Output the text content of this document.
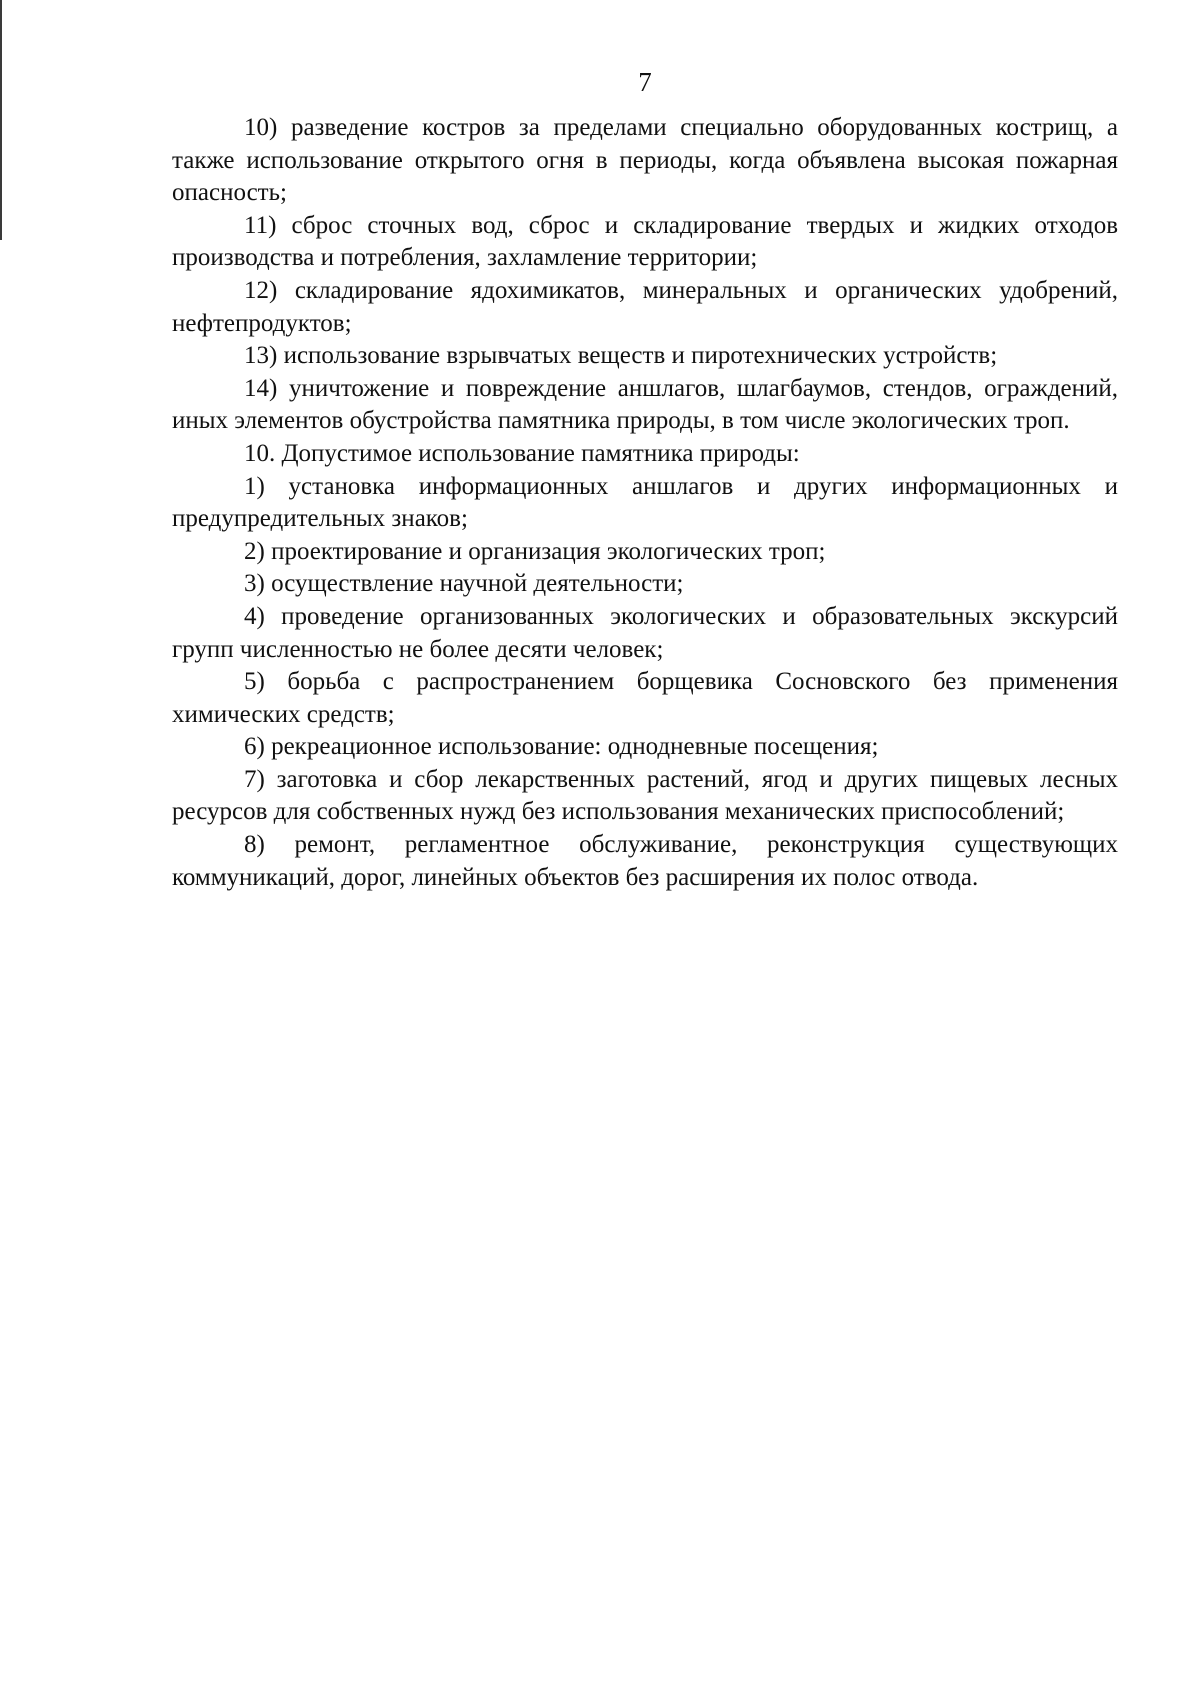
7

10) разведение костров за пределами специально оборудованных кострищ, а также использование открытого огня в периоды, когда объявлена высокая пожарная опасность;

11) сброс сточных вод, сброс и складирование твердых и жидких отходов производства и потребления, захламление территории;

12) складирование ядохимикатов, минеральных и органических удобрений, нефтепродуктов;

13) использование взрывчатых веществ и пиротехнических устройств;

14) уничтожение и повреждение аншлагов, шлагбаумов, стендов, ограждений, иных элементов обустройства памятника природы, в том числе экологических троп.

10. Допустимое использование памятника природы:

1) установка информационных аншлагов и других информационных и предупредительных знаков;

2) проектирование и организация экологических троп;

3) осуществление научной деятельности;

4) проведение организованных экологических и образовательных экскурсий групп численностью не более десяти человек;

5) борьба с распространением борщевика Сосновского без применения химических средств;

6) рекреационное использование: однодневные посещения;

7) заготовка и сбор лекарственных растений, ягод и других пищевых лесных ресурсов для собственных нужд без использования механических приспособлений;

8) ремонт, регламентное обслуживание, реконструкция существующих коммуникаций, дорог, линейных объектов без расширения их полос отвода.
